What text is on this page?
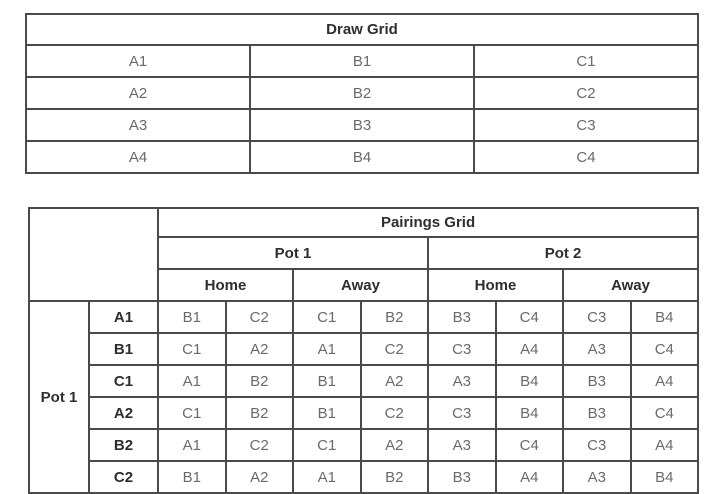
Draw Grid		
A1	B1	C1
A2	B2	C2
A3	B3	C3
A4	B4	C4
		Pairings Grid							
		Pot 1				Pot 2			
		Home		Away		Home		Away	
Pot 1	A1	B1	C2	C1	B2	B3	C4	C3	B4
	B1	C1	A2	A1	C2	C3	A4	A3	C4
	C1	A1	B2	B1	A2	A3	B4	B3	A4
	A2	C1	B2	B1	C2	C3	B4	B3	C4
	B2	A1	C2	C1	A2	A3	C4	C3	A4
	C2	B1	A2	A1	B2	B3	A4	A3	B4
